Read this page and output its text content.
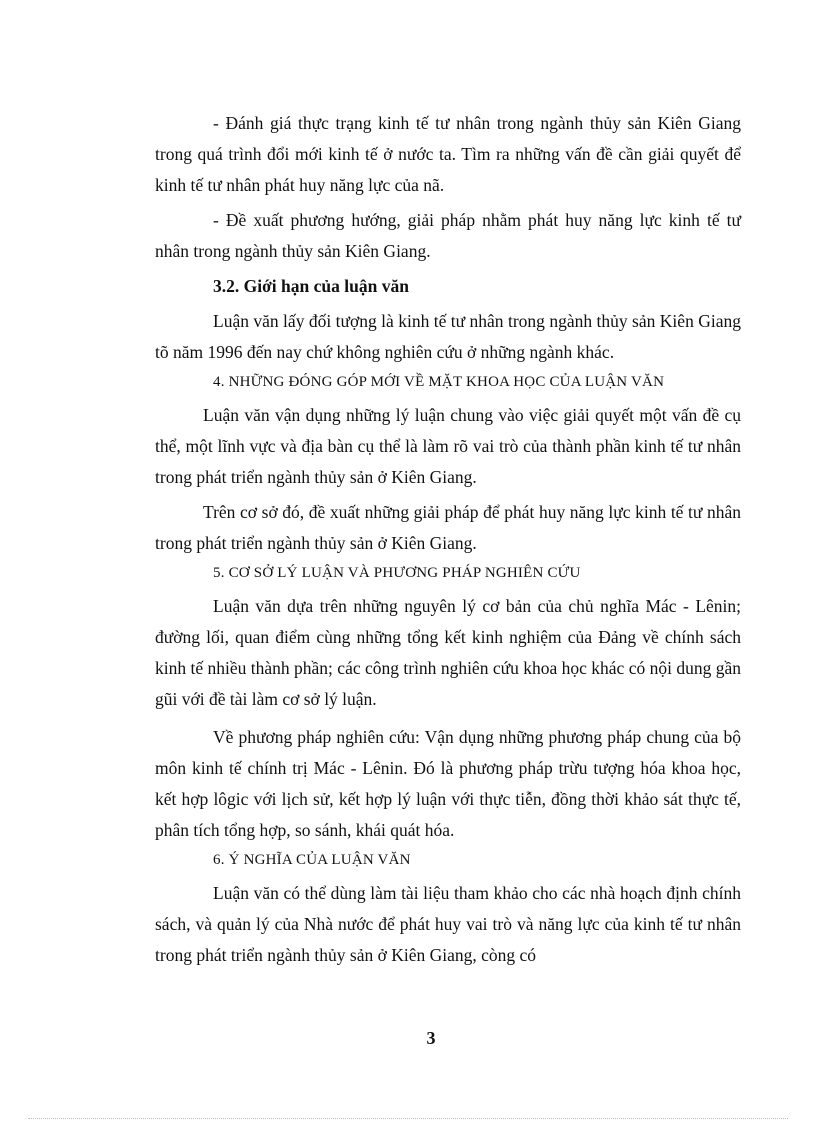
- Đánh giá thực trạng kinh tế tư nhân trong ngành thủy sản Kiên Giang trong quá trình đổi mới kinh tế ở nước ta. Tìm ra những vấn đề cần giải quyết để kinh tế tư nhân phát huy năng lực của nã.

- Đề xuất phương hướng, giải pháp nhằm phát huy năng lực kinh tế tư nhân trong ngành thủy sản Kiên Giang.

3.2. Giới hạn của luận văn

Luận văn lấy đối tượng là kinh tế tư nhân trong ngành thủy sản Kiên Giang tõ năm 1996 đến nay chứ không nghiên cứu ở những ngành khác.

4. NHỮNG ĐÓNG GÓP MỚI VỀ MẶT KHOA HỌC CỦA LUẬN VĂN

Luận văn vận dụng những lý luận chung vào việc giải quyết một vấn đề cụ thể, một lĩnh vực và địa bàn cụ thể là làm rõ vai trò của thành phần kinh tế tư nhân trong phát triển ngành thủy sản ở Kiên Giang.

Trên cơ sở đó, đề xuất những giải pháp để phát huy năng lực kinh tế tư nhân trong phát triển ngành thủy sản ở Kiên Giang.

5. CƠ SỞ LÝ LUẬN VÀ PHƯƠNG PHÁP NGHIÊN CỨU

Luận văn dựa trên những nguyên lý cơ bản của chủ nghĩa Mác - Lênin; đường lối, quan điểm cùng những tổng kết kinh nghiệm của Đảng về chính sách kinh tế nhiều thành phần; các công trình nghiên cứu khoa học khác có nội dung gần gũi với đề tài làm cơ sở lý luận.

Về phương pháp nghiên cứu: Vận dụng những phương pháp chung của bộ môn kinh tế chính trị Mác - Lênin. Đó là phương pháp trừu tượng hóa khoa học, kết hợp lôgic với lịch sử, kết hợp lý luận với thực tiễn, đồng thời khảo sát thực tế, phân tích tổng hợp, so sánh, khái quát hóa.

6. Ý NGHĨA CỦA LUẬN VĂN

Luận văn có thể dùng làm tài liệu tham khảo cho các nhà hoạch định chính sách, và quản lý của Nhà nước để phát huy vai trò và năng lực của kinh tế tư nhân trong phát triển ngành thủy sản ở Kiên Giang, còng có

3
